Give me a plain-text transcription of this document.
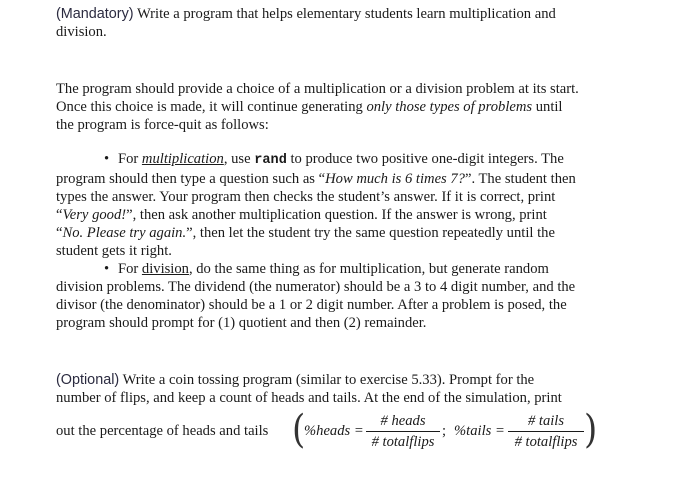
(Mandatory) Write a program that helps elementary students learn multiplication and
division.
The program should provide a choice of a multiplication or a division problem at its start.
Once this choice is made, it will continue generating only those types of problems until
the program is force-quit as follows:
• For multiplication, use rand to produce two positive one-digit integers. The
program should then type a question such as “How much is 6 times 7?”. The student then
types the answer. Your program then checks the student’s answer. If it is correct, print
“Very good!”, then ask another multiplication question. If the answer is wrong, print
“No. Please try again.”, then let the student try the same question repeatedly until the
student gets it right.
• For division, do the same thing as for multiplication, but generate random
division problems. The dividend (the numerator) should be a 3 to 4 digit number, and the
divisor (the denominator) should be a 1 or 2 digit number. After a problem is posed, the
program should prompt for (1) quotient and then (2) remainder.
(Optional) Write a coin tossing program (similar to exercise 5.33). Prompt for the
number of flips, and keep a count of heads and tails. At the end of the simulation, print
out the percentage of heads and tails (
%heads =
# heads
# totalflips
; %tails =
# tails
# totalflips )
